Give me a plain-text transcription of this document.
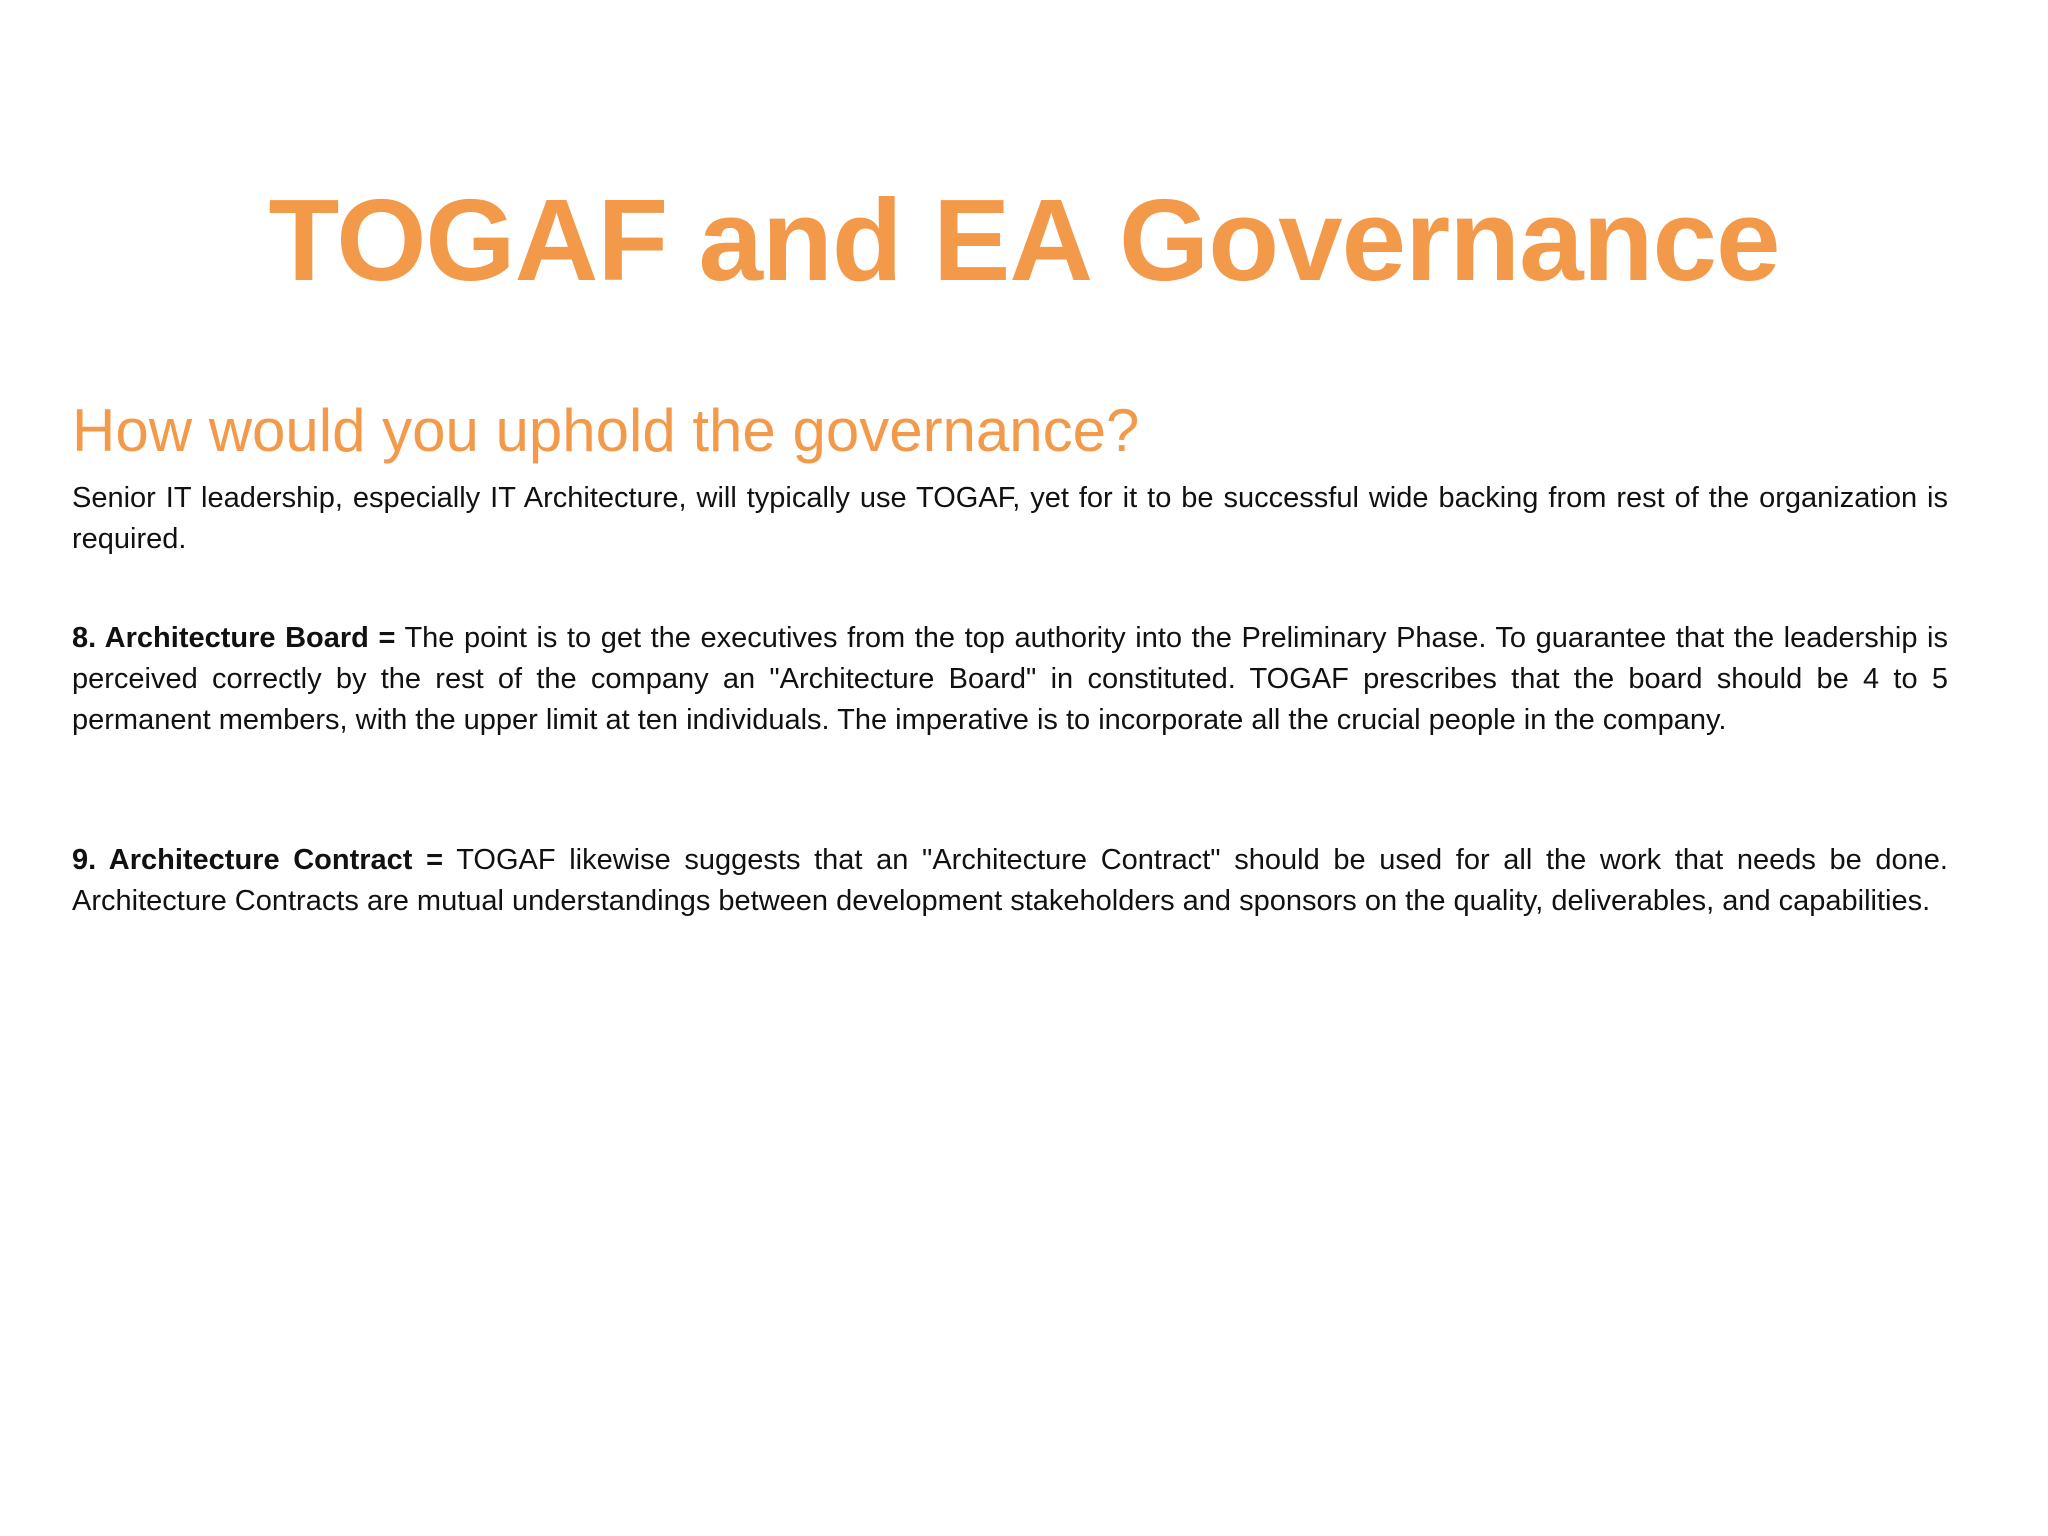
TOGAF and EA Governance
How would you uphold the governance?

Senior IT leadership, especially IT Architecture, will typically use TOGAF, yet for it to be successful wide backing from rest of the organization is required.

8. Architecture Board = The point is to get the executives from the top authority into the Preliminary Phase. To guarantee that the leadership is perceived correctly by the rest of the company an "Architecture Board" in constituted. TOGAF prescribes that the board should be 4 to 5 permanent members, with the upper limit at ten individuals. The imperative is to incorporate all the crucial people in the company.

9. Architecture Contract = TOGAF likewise suggests that an "Architecture Contract" should be used for all the work that needs be done. Architecture Contracts are mutual understandings between development stakeholders and sponsors on the quality, deliverables, and capabilities.
